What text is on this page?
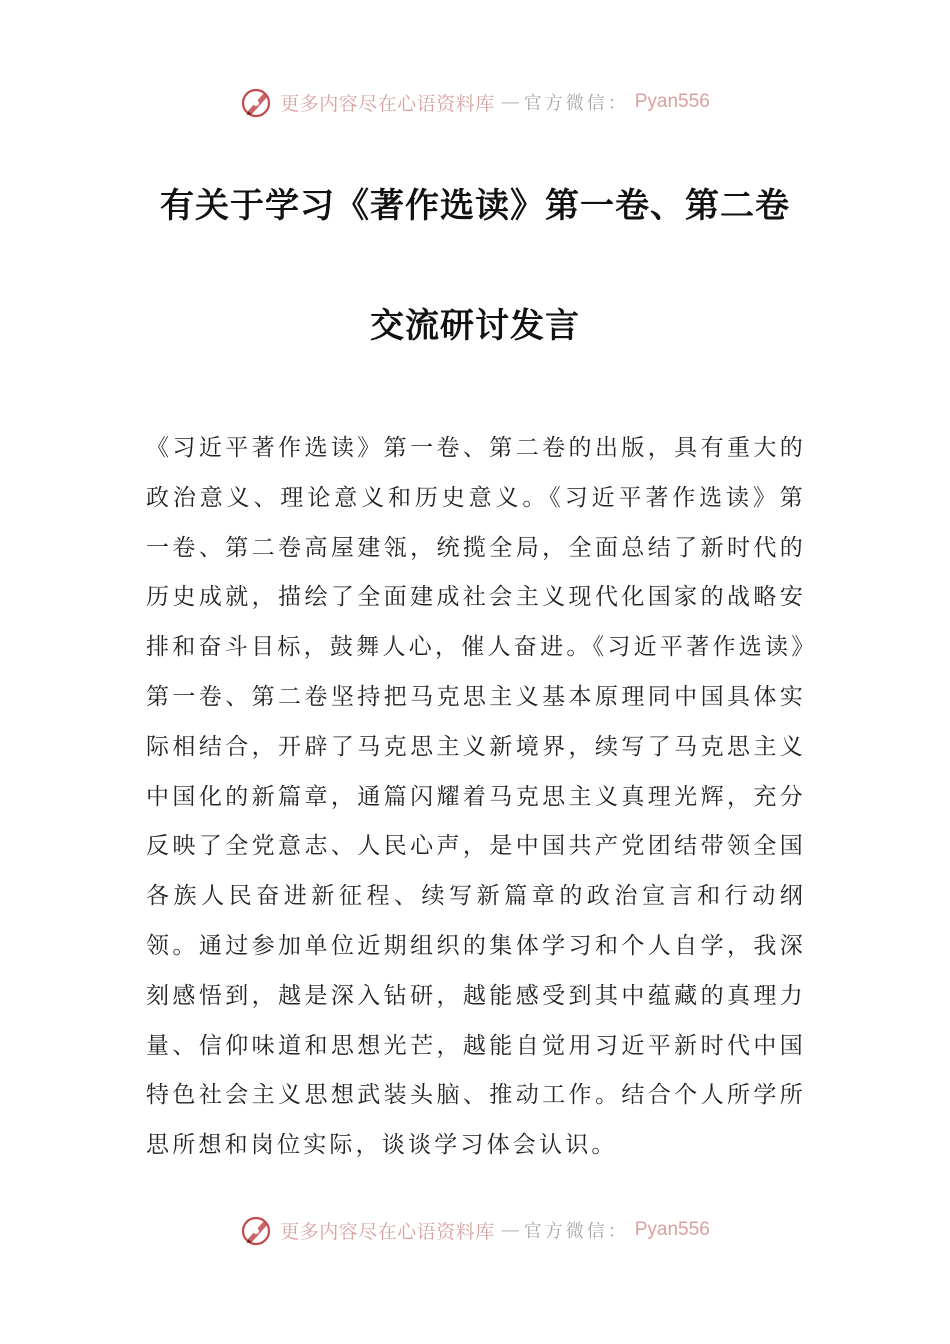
更多内容尽在心语资料库 — 官方微信： Pyan556
有关于学习《著作选读》第一卷、第二卷
交流研讨发言

《习近平著作选读》第一卷、第二卷的出版，具有重大的政治意义、理论意义和历史意义。《习近平著作选读》第一卷、第二卷高屋建瓴，统揽全局，全面总结了新时代的历史成就，描绘了全面建成社会主义现代化国家的战略安排和奋斗目标，鼓舞人心，催人奋进。《习近平著作选读》第一卷、第二卷坚持把马克思主义基本原理同中国具体实际相结合，开辟了马克思主义新境界，续写了马克思主义中国化的新篇章，通篇闪耀着马克思主义真理光辉，充分反映了全党意志、人民心声，是中国共产党团结带领全国各族人民奋进新征程、续写新篇章的政治宣言和行动纲领。通过参加单位近期组织的集体学习和个人自学，我深刻感悟到，越是深入钻研，越能感受到其中蕴藏的真理力量、信仰味道和思想光芒，越能自觉用习近平新时代中国特色社会主义思想武装头脑、推动工作。结合个人所学所思所想和岗位实际，谈谈学习体会认识。

更多内容尽在心语资料库 — 官方微信： Pyan556
